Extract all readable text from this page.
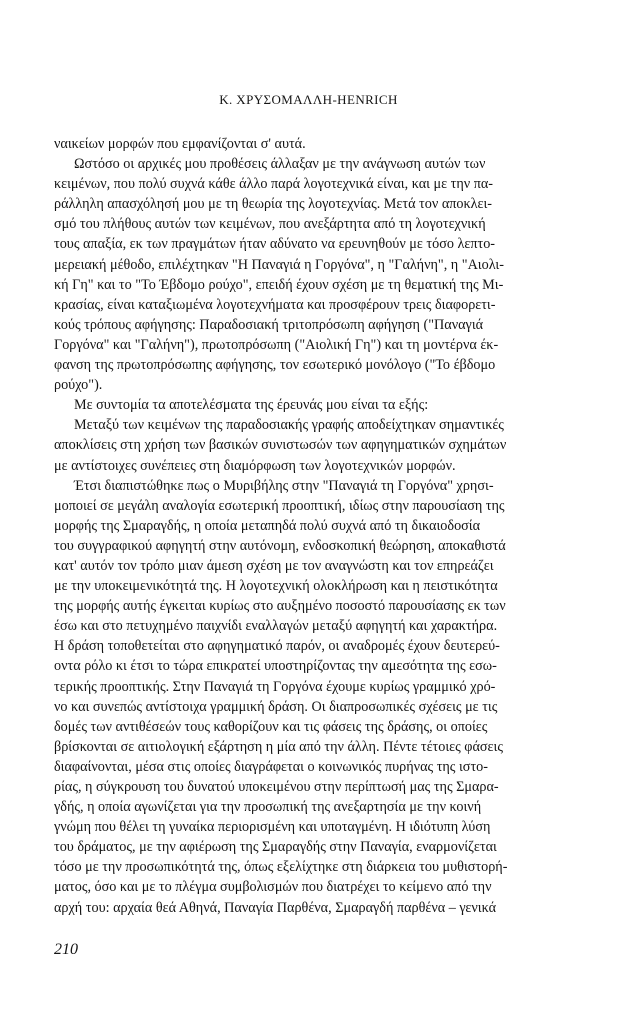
Κ. ΧΡΥΣΟΜΑΛΛΗ-HENRICH
ναικείων μορφών που εμφανίζονται σ' αυτά.
Ωστόσο οι αρχικές μου προθέσεις άλλαξαν με την ανάγνωση αυτών των
κειμένων, που πολύ συχνά κάθε άλλο παρά λογοτεχνικά είναι, και με την πα-
ράλληλη απασχόλησή μου με τη θεωρία της λογοτεχνίας. Μετά τον αποκλει-
σμό του πλήθους αυτών των κειμένων, που ανεξάρτητα από τη λογοτεχνική
τους απαξία, εκ των πραγμάτων ήταν αδύνατο να ερευνηθούν με τόσο λεπτο-
μερειακή μέθοδο, επιλέχτηκαν "Η Παναγιά η Γοργόνα", η "Γαλήνη", η "Αιολι-
κή Γη" και το "Το Έβδομο ρούχο", επειδή έχουν σχέση με τη θεματική της Μι-
κρασίας, είναι καταξιωμένα λογοτεχνήματα και προσφέρουν τρεις διαφορετι-
κούς τρόπους αφήγησης: Παραδοσιακή τριτοπρόσωπη αφήγηση ("Παναγιά
Γοργόνα" και "Γαλήνη"), πρωτοπρόσωπη ("Αιολική Γη") και τη μοντέρνα έκ-
φανση της πρωτοπρόσωπης αφήγησης, τον εσωτερικό μονόλογο ("Το έβδομο
ρούχο").
Με συντομία τα αποτελέσματα της έρευνάς μου είναι τα εξής:
Μεταξύ των κειμένων της παραδοσιακής γραφής αποδείχτηκαν σημαντικές
αποκλίσεις στη χρήση των βασικών συνιστωσών των αφηγηματικών σχημάτων
με αντίστοιχες συνέπειες στη διαμόρφωση των λογοτεχνικών μορφών.
Έτσι διαπιστώθηκε πως ο Μυριβήλης στην "Παναγιά τη Γοργόνα" χρησι-
μοποιεί σε μεγάλη αναλογία εσωτερική προοπτική, ιδίως στην παρουσίαση της
μορφής της Σμαραγδής, η οποία μεταπηδά πολύ συχνά από τη δικαιοδοσία
του συγγραφικού αφηγητή στην αυτόνομη, ενδοσκοπική θεώρηση, αποκαθιστά
κατ' αυτόν τον τρόπο μιαν άμεση σχέση με τον αναγνώστη και τον επηρεάζει
με την υποκειμενικότητά της. Η λογοτεχνική ολοκλήρωση και η πειστικότητα
της μορφής αυτής έγκειται κυρίως στο αυξημένο ποσοστό παρουσίασης εκ των
έσω και στο πετυχημένο παιχνίδι εναλλαγών μεταξύ αφηγητή και χαρακτήρα.
Η δράση τοποθετείται στο αφηγηματικό παρόν, οι αναδρομές έχουν δευτερεύ-
οντα ρόλο κι έτσι το τώρα επικρατεί υποστηρίζοντας την αμεσότητα της εσω-
τερικής προοπτικής. Στην Παναγιά τη Γοργόνα έχουμε κυρίως γραμμικό χρό-
νο και συνεπώς αντίστοιχα γραμμική δράση. Οι διαπροσωπικές σχέσεις με τις
δομές των αντιθέσεών τους καθορίζουν και τις φάσεις της δράσης, οι οποίες
βρίσκονται σε αιτιολογική εξάρτηση η μία από την άλλη. Πέντε τέτοιες φάσεις
διαφαίνονται, μέσα στις οποίες διαγράφεται ο κοινωνικός πυρήνας της ιστο-
ρίας, η σύγκρουση του δυνατού υποκειμένου στην περίπτωσή μας της Σμαρα-
γδής, η οποία αγωνίζεται για την προσωπική της ανεξαρτησία με την κοινή
γνώμη που θέλει τη γυναίκα περιορισμένη και υποταγμένη. Η ιδιότυπη λύση
του δράματος, με την αφιέρωση της Σμαραγδής στην Παναγία, εναρμονίζεται
τόσο με την προσωπικότητά της, όπως εξελίχτηκε στη διάρκεια του μυθιστορή-
ματος, όσο και με το πλέγμα συμβολισμών που διατρέχει το κείμενο από την
αρχή του: αρχαία θεά Αθηνά, Παναγία Παρθένα, Σμαραγδή παρθένα – γενικά
210
